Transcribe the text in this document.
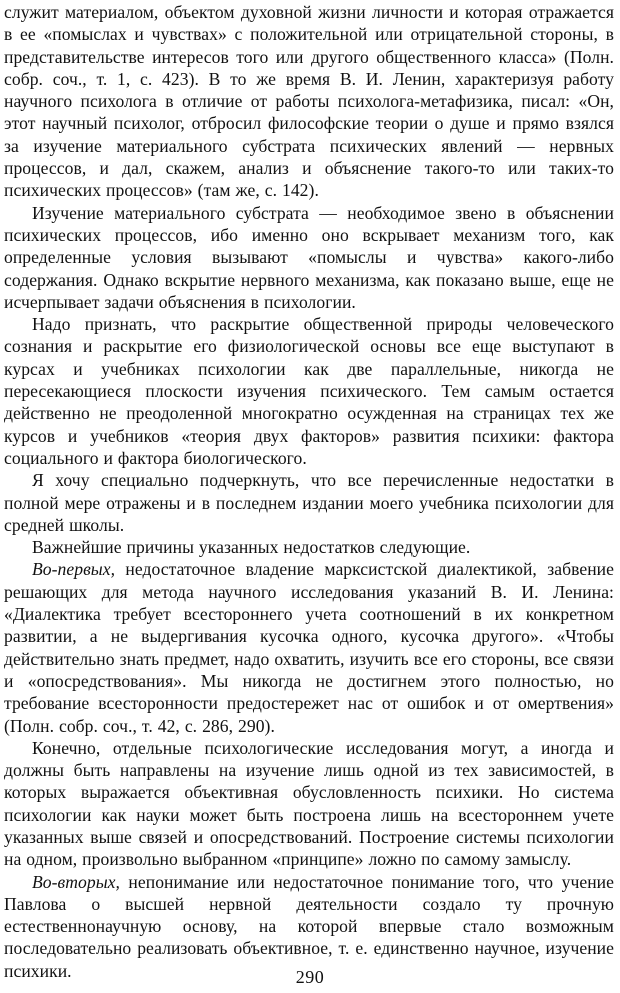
служит материалом, объектом духовной жизни личности и которая отражается в ее «помыслах и чувствах» с положительной или отрицательной стороны, в представительстве интересов того или другого общественного класса» (Полн. собр. соч., т. 1, с. 423). В то же время В. И. Ленин, характеризуя работу научного психолога в отличие от работы психолога-метафизика, писал: «Он, этот научный психолог, отбросил философские теории о душе и прямо взялся за изучение материального субстрата психических явлений — нервных процессов, и дал, скажем, анализ и объяснение такого-то или таких-то психических процессов» (там же, с. 142).

Изучение материального субстрата — необходимое звено в объяснении психических процессов, ибо именно оно вскрывает механизм того, как определенные условия вызывают «помыслы и чувства» какого-либо содержания. Однако вскрытие нервного механизма, как показано выше, еще не исчерпывает задачи объяснения в психологии.

Надо признать, что раскрытие общественной природы человеческого сознания и раскрытие его физиологической основы все еще выступают в курсах и учебниках психологии как две параллельные, никогда не пересекающиеся плоскости изучения психического. Тем самым остается действенно не преодоленной многократно осужденная на страницах тех же курсов и учебников «теория двух факторов» развития психики: фактора социального и фактора биологического.

Я хочу специально подчеркнуть, что все перечисленные недостатки в полной мере отражены и в последнем издании моего учебника психологии для средней школы.

Важнейшие причины указанных недостатков следующие.

Во-первых, недостаточное владение марксистской диалектикой, забвение решающих для метода научного исследования указаний В. И. Ленина: «Диалектика требует всестороннего учета соотношений в их конкретном развитии, а не выдергивания кусочка одного, кусочка другого». «Чтобы действительно знать предмет, надо охватить, изучить все его стороны, все связи и «опосредствования». Мы никогда не достигнем этого полностью, но требование всесторонности предостережет нас от ошибок и от омертвения» (Полн. собр. соч., т. 42, с. 286, 290).

Конечно, отдельные психологические исследования могут, а иногда и должны быть направлены на изучение лишь одной из тех зависимостей, в которых выражается объективная обусловленность психики. Но система психологии как науки может быть построена лишь на всестороннем учете указанных выше связей и опосредствований. Построение системы психологии на одном, произвольно выбранном «принципе» ложно по самому замыслу.

Во-вторых, непонимание или недостаточное понимание того, что учение Павлова о высшей нервной деятельности создало ту прочную естественнонаучную основу, на которой впервые стало возможным последовательно реализовать объективное, т. е. единственно научное, изучение психики.	290
